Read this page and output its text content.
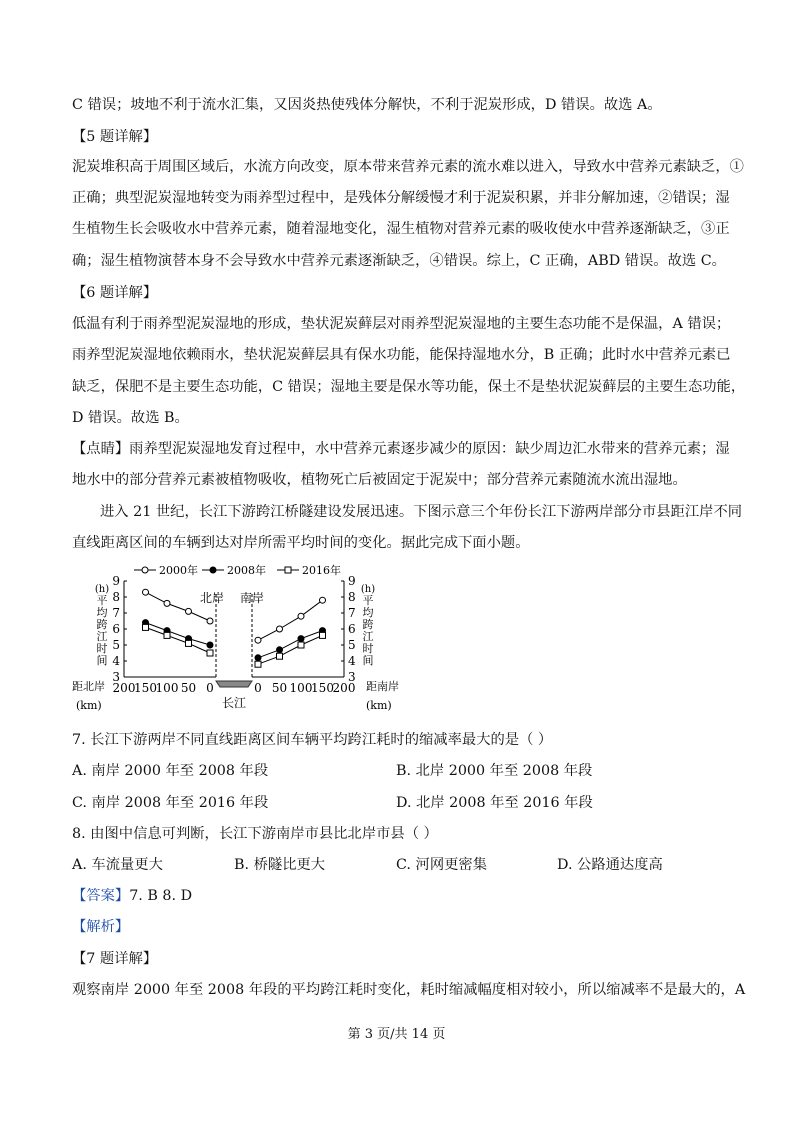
C 错误；坡地不利于流水汇集，又因炎热使残体分解快，不利于泥炭形成，D 错误。故选 A。
【5 题详解】
泥炭堆积高于周围区域后，水流方向改变，原本带来营养元素的流水难以进入，导致水中营养元素缺乏，①
正确；典型泥炭湿地转变为雨养型过程中，是残体分解缓慢才利于泥炭积累，并非分解加速，②错误；湿
生植物生长会吸收水中营养元素，随着湿地变化，湿生植物对营养元素的吸收使水中营养逐渐缺乏，③正
确；湿生植物演替本身不会导致水中营养元素逐渐缺乏，④错误。综上，C 正确，ABD 错误。故选 C。
【6 题详解】
低温有利于雨养型泥炭湿地的形成，垫状泥炭藓层对雨养型泥炭湿地的主要生态功能不是保温，A 错误；
雨养型泥炭湿地依赖雨水，垫状泥炭藓层具有保水功能，能保持湿地水分，B 正确；此时水中营养元素已
缺乏，保肥不是主要生态功能，C 错误；湿地主要是保水等功能，保土不是垫状泥炭藓层的主要生态功能，
D 错误。故选 B。
【点睛】雨养型泥炭湿地发育过程中，水中营养元素逐步减少的原因：缺少周边汇水带来的营养元素；湿
地水中的部分营养元素被植物吸收，植物死亡后被固定于泥炭中；部分营养元素随流水流出湿地。
进入 21 世纪，长江下游跨江桥隧建设发展迅速。下图示意三个年份长江下游两岸部分市县距江岸不同
直线距离区间的车辆到达对岸所需平均时间的变化。据此完成下面小题。
3	3
4	4
5	5
6	6
7	7
8	8
9	9
平
均
跨
江
时
间
(h)
平
均
跨
江
时
间
(h)
200
150
100 50 0	0 50 100
150
200
距北岸
(km)
距南岸
(km)
长江
北岸 南岸
2000年	2008年	2016年
7. 长江下游两岸不同直线距离区间车辆平均跨江耗时的缩减率最大的是（ ）
A. 南岸 2000 年至 2008 年段	B. 北岸 2000 年至 2008 年段
C. 南岸 2008 年至 2016 年段	D. 北岸 2008 年至 2016 年段
8. 由图中信息可判断，长江下游南岸市县比北岸市县（ ）
A. 车流量更大	B. 桥隧比更大	C. 河网更密集	D. 公路通达度高
【答案】7. B 8. D
【解析】
【7 题详解】
观察南岸 2000 年至 2008 年段的平均跨江耗时变化，耗时缩减幅度相对较小，所以缩减率不是最大的，A
第 3 页/共 14 页
